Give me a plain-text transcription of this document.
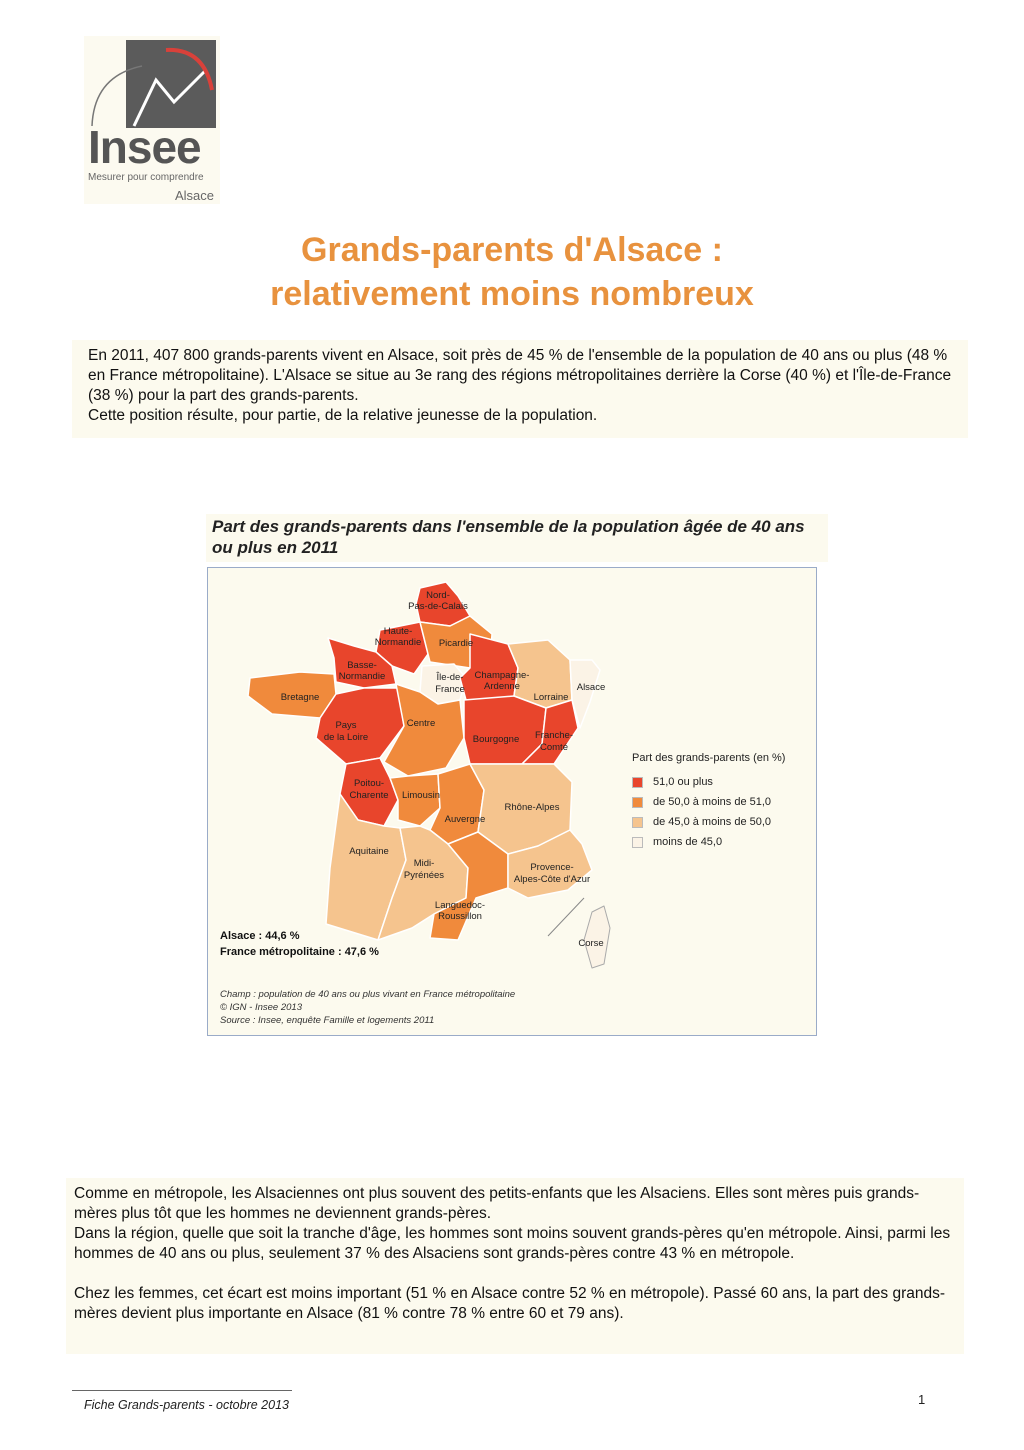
Insee
Mesurer pour comprendre
Alsace
Grands-parents d'Alsace :
relativement moins nombreux

En 2011, 407 800 grands-parents vivent en Alsace, soit près de 45 % de l'ensemble de la population de 40 ans ou plus (48 % en France métropolitaine). L'Alsace se situe au 3e rang des régions métropolitaines derrière la Corse (40 %) et l'Île-de-France (38 %) pour la part des grands-parents.

Cette position résulte, pour partie, de la relative jeunesse de la population.

Part des grands-parents dans l'ensemble de la population âgée de 40 ans ou plus en 2011
Nord-Pas-de-Calais
Haute-Normandie Picardie
Basse-Normandie	Île-de-France
Champagne-Ardenne
Lorraine
Alsace
Bretagne
Pays de la Loire
Centre
Bourgogne Franche-Comté
Poitou-Charente Limousin
Auvergne
Rhône-Alpes
Aquitaine
Midi-Pyrénées
Languedoc-Roussillon
Provence-Alpes-Côte d'Azur
Corse
Part des grands-parents (en %)
51,0 ou plus
de 50,0 à moins de 51,0
de 45,0 à moins de 50,0
moins de 45,0
Alsace : 44,6 %
France métropolitaine : 47,6 %
Champ : population de 40 ans ou plus vivant en France métropolitaine
© IGN - Insee 2013
Source : Insee, enquête Famille et logements 2011

Comme en métropole, les Alsaciennes ont plus souvent des petits-enfants que les Alsaciens. Elles sont mères puis grands-mères plus tôt que les hommes ne deviennent grands-pères.

Dans la région, quelle que soit la tranche d'âge, les hommes sont moins souvent grands-pères qu'en métropole. Ainsi, parmi les hommes de 40 ans ou plus, seulement 37 % des Alsaciens sont grands-pères contre 43 % en métropole.

Chez les femmes, cet écart est moins important (51 % en Alsace contre 52 % en métropole). Passé 60 ans, la part des grands-mères devient plus importante en Alsace (81 % contre 78 % entre 60 et 79 ans).

Fiche Grands-parents - octobre 2013	1
